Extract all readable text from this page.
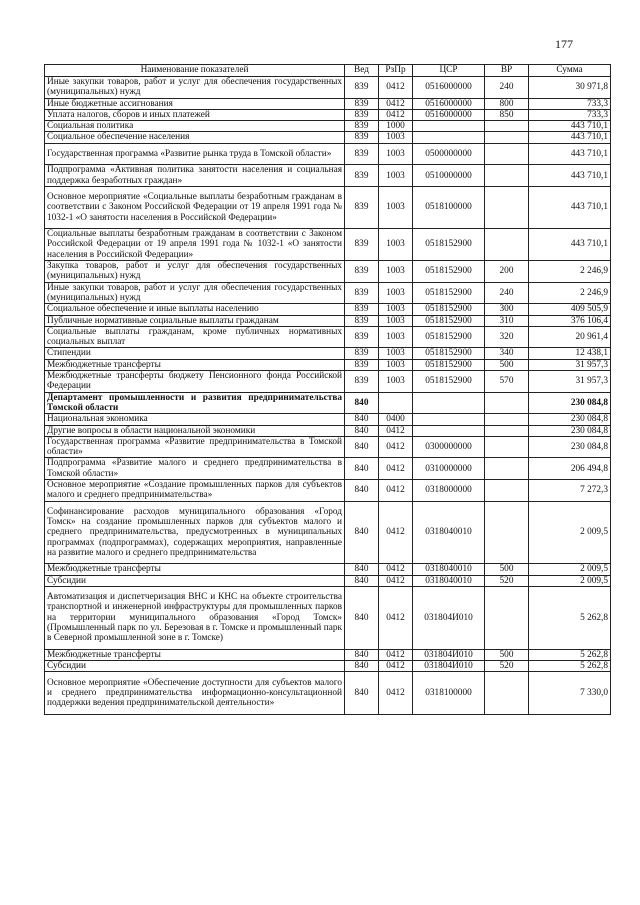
177
Наименование показателей	Вед	РзПр	ЦСР	ВР	Сумма
Иные закупки товаров, работ и услуг для обеспечения государственных (муниципальных) нужд	839	0412	0516000000	240	30 971,8
Иные бюджетные ассигнования	839	0412	0516000000	800	733,3
Уплата налогов, сборов и иных платежей	839	0412	0516000000	850	733,3
Социальная политика	839	1000			443 710,1
Социальное обеспечение населения	839	1003			443 710,1
Государственная программа «Развитие рынка труда в Томской области»	839	1003	0500000000		443 710,1
Подпрограмма «Активная политика занятости населения и социальная поддержка безработных граждан»	839	1003	0510000000		443 710,1
Основное мероприятие «Социальные выплаты безработным гражданам в соответствии с Законом Российской Федерации от 19 апреля 1991 года № 1032-1 «О занятости населения в Российской Федерации»	839	1003	0518100000		443 710,1
Социальные выплаты безработным гражданам в соответствии с Законом Российской Федерации от 19 апреля 1991 года № 1032-1 «О занятости населения в Российской Федерации»	839	1003	0518152900		443 710,1
Закупка товаров, работ и услуг для обеспечения государственных (муниципальных) нужд	839	1003	0518152900	200	2 246,9
Иные закупки товаров, работ и услуг для обеспечения государственных (муниципальных) нужд	839	1003	0518152900	240	2 246,9
Социальное обеспечение и иные выплаты населению	839	1003	0518152900	300	409 505,9
Публичные нормативные социальные выплаты гражданам	839	1003	0518152900	310	376 106,4
Социальные выплаты гражданам, кроме публичных нормативных социальных выплат	839	1003	0518152900	320	20 961,4
Стипендии	839	1003	0518152900	340	12 438,1
Межбюджетные трансферты	839	1003	0518152900	500	31 957,3
Межбюджетные трансферты бюджету Пенсионного фонда Российской Федерации	839	1003	0518152900	570	31 957,3
Департамент промышленности и развития предпринимательства Томской области	840				230 084,8
Национальная экономика	840	0400			230 084,8
Другие вопросы в области национальной экономики	840	0412			230 084,8
Государственная программа «Развитие предпринимательства в Томской области»	840	0412	0300000000		230 084,8
Подпрограмма «Развитие малого и среднего предпринимательства в Томской области»	840	0412	0310000000		206 494,8
Основное мероприятие «Создание промышленных парков для субъектов малого и среднего предпринимательства»	840	0412	0318000000		7 272,3
Софинансирование расходов муниципального образования «Город Томск» на создание промышленных парков для субъектов малого и среднего предпринимательства, предусмотренных в муниципальных программах (подпрограммах), содержащих мероприятия, направленные на развитие малого и среднего предпринимательства	840	0412	0318040010		2 009,5
Межбюджетные трансферты	840	0412	0318040010	500	2 009,5
Субсидии	840	0412	0318040010	520	2 009,5
Автоматизация и диспетчеризация ВНС и КНС на объекте строительства транспортной и инженерной инфраструктуры для промышленных парков на территории муниципального образования «Город Томск» (Промышленный парк по ул. Березовая в г. Томске и промышленный парк в Северной промышленной зоне в г. Томске)	840	0412	031804И010		5 262,8
Межбюджетные трансферты	840	0412	031804И010	500	5 262,8
Субсидии	840	0412	031804И010	520	5 262,8
Основное мероприятие «Обеспечение доступности для субъектов малого и среднего предпринимательства информационно-консультационной поддержки ведения предпринимательской деятельности»	840	0412	0318100000		7 330,0
